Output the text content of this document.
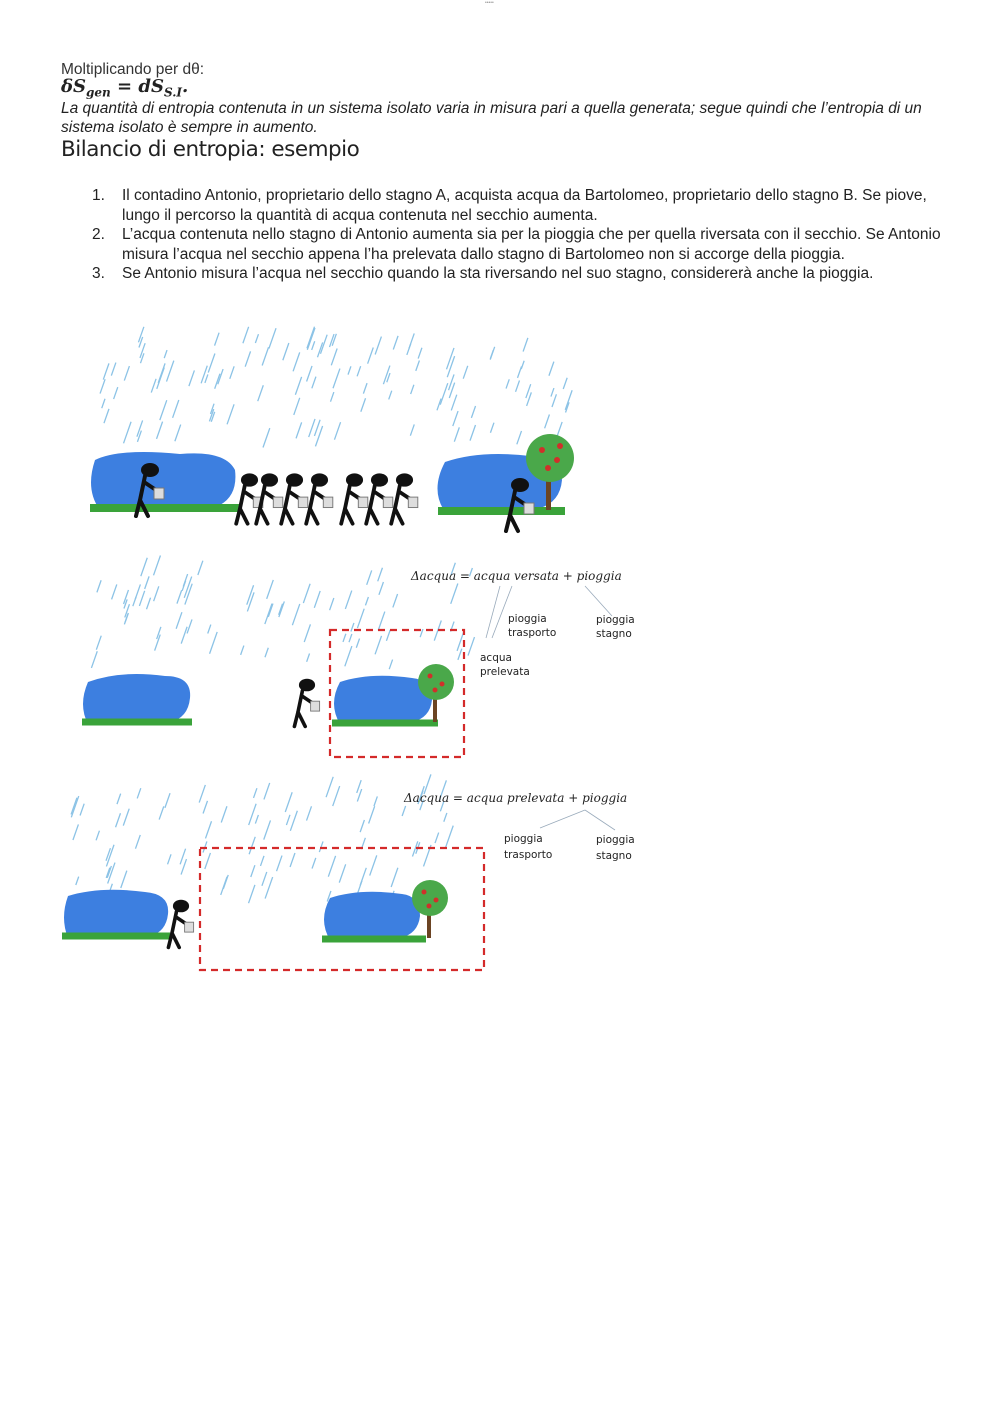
•••••
Moltiplicando per dθ:
$\delta S_{gen} = dS_{S.I}$.
La quantità di entropia contenuta in un sistema isolato varia in misura pari a quella generata; segue quindi che l’entropia di un sistema isolato è sempre in aumento.
Bilancio di entropia: esempio
1.	Il contadino Antonio, proprietario dello stagno A, acquista acqua da Bartolomeo, proprietario dello stagno B. Se piove, lungo il percorso la quantità di acqua contenuta nel secchio aumenta.
2.	L’acqua contenuta nello stagno di Antonio aumenta sia per la pioggia che per quella riversata con il secchio. Se Antonio misura l’acqua nel secchio appena l’ha prelevata dallo stagno di Bartolomeo non si accorge della pioggia.
3.	Se Antonio misura l’acqua nel secchio quando la sta riversando nel suo stagno, considererà anche la pioggia.
Δacqua = acqua versata + pioggia
pioggia
trasporto
pioggia
stagno
acqua
prelevata
Δacqua = acqua prelevata + pioggia
pioggia
trasporto
pioggia
stagno
